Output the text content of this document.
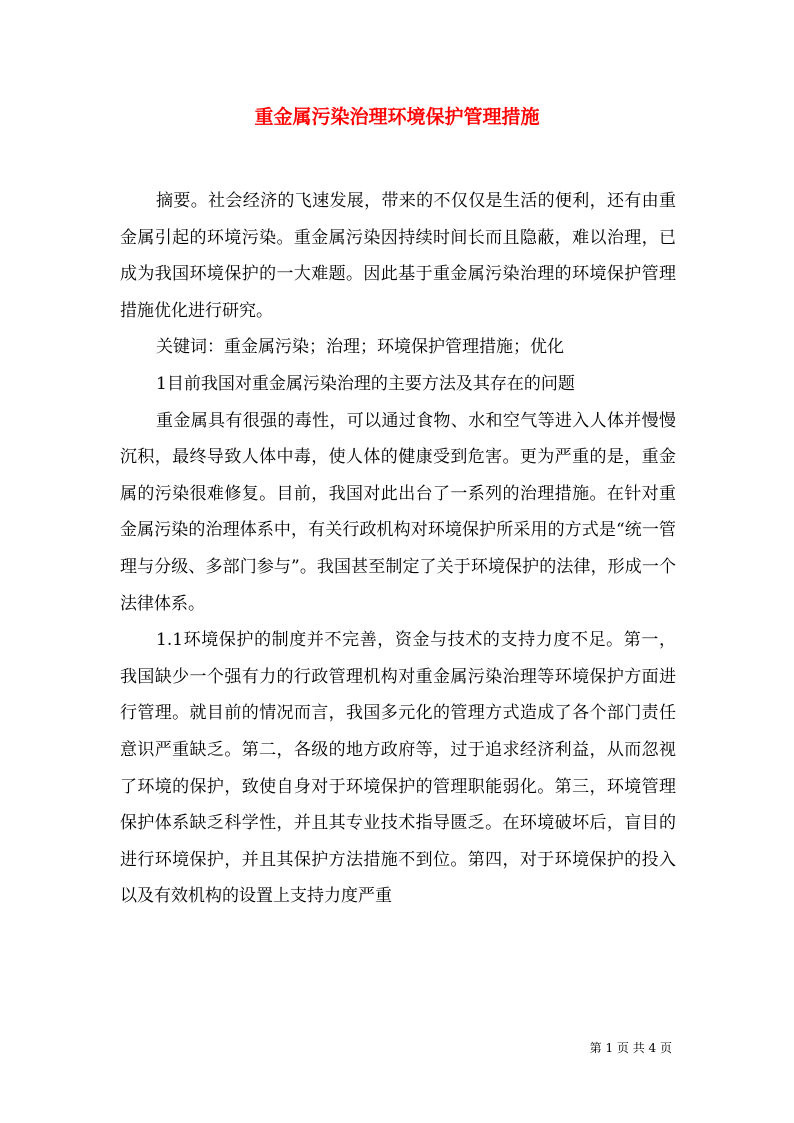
重金属污染治理环境保护管理措施

摘要。社会经济的飞速发展，带来的不仅仅是生活的便利，还有由重金属引起的环境污染。重金属污染因持续时间长而且隐蔽，难以治理，已成为我国环境保护的一大难题。因此基于重金属污染治理的环境保护管理措施优化进行研究。

关键词：重金属污染；治理；环境保护管理措施；优化

1目前我国对重金属污染治理的主要方法及其存在的问题

重金属具有很强的毒性，可以通过食物、水和空气等进入人体并慢慢沉积，最终导致人体中毒，使人体的健康受到危害。更为严重的是，重金属的污染很难修复。目前，我国对此出台了一系列的治理措施。在针对重金属污染的治理体系中，有关行政机构对环境保护所采用的方式是“统一管理与分级、多部门参与”。我国甚至制定了关于环境保护的法律，形成一个法律体系。

1.1环境保护的制度并不完善，资金与技术的支持力度不足。第一，我国缺少一个强有力的行政管理机构对重金属污染治理等环境保护方面进行管理。就目前的情况而言，我国多元化的管理方式造成了各个部门责任意识严重缺乏。第二，各级的地方政府等，过于追求经济利益，从而忽视了环境的保护，致使自身对于环境保护的管理职能弱化。第三，环境管理保护体系缺乏科学性，并且其专业技术指导匮乏。在环境破坏后，盲目的进行环境保护，并且其保护方法措施不到位。第四，对于环境保护的投入以及有效机构的设置上支持力度严重

第 1 页 共 4 页
